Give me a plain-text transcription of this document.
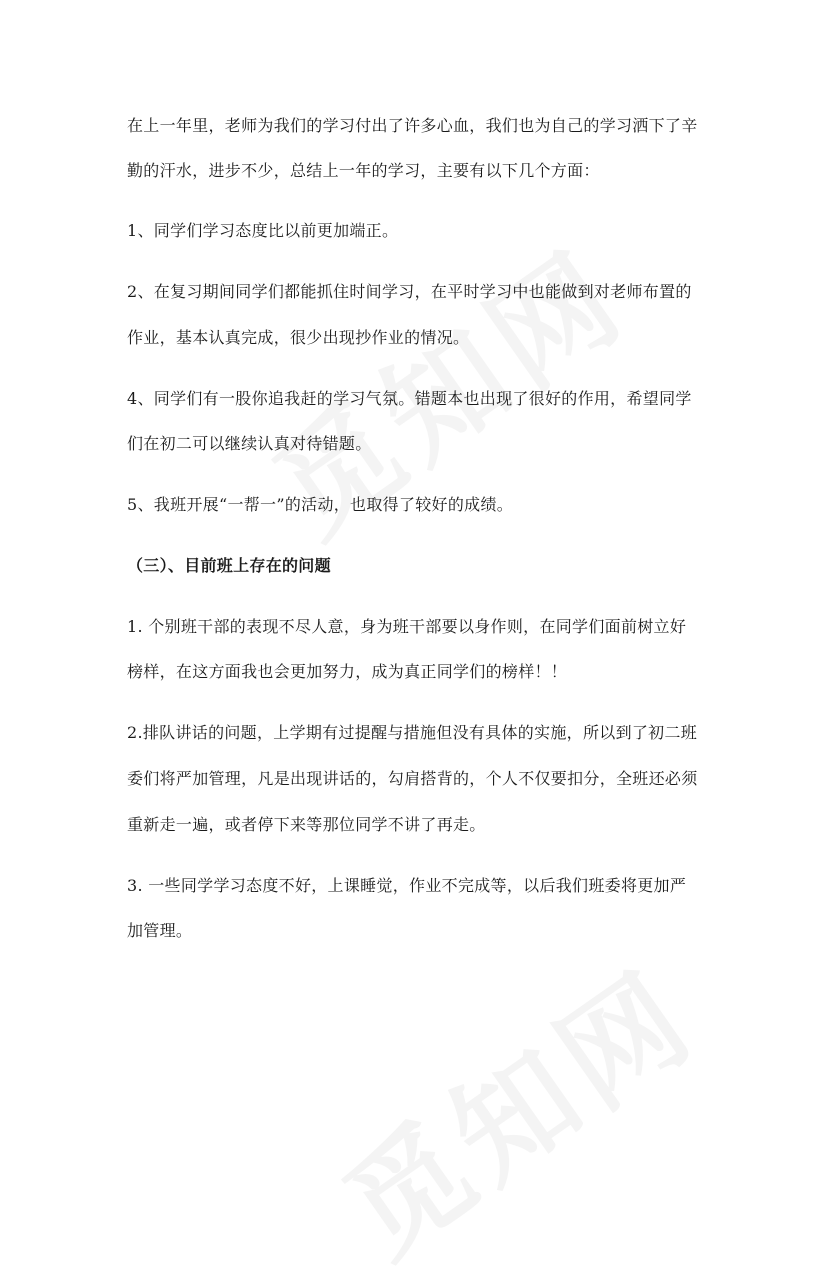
在上一年里，老师为我们的学习付出了许多心血，我们也为自己的学习洒下了辛
勤的汗水，进步不少，总结上一年的学习，主要有以下几个方面：
1、同学们学习态度比以前更加端正。
2、在复习期间同学们都能抓住时间学习，在平时学习中也能做到对老师布置的
作业，基本认真完成，很少出现抄作业的情况。
4、同学们有一股你追我赶的学习气氛。错题本也出现了很好的作用，希望同学
们在初二可以继续认真对待错题。
5、我班开展“一帮一”的活动，也取得了较好的成绩。
（三）、目前班上存在的问题
1. 个别班干部的表现不尽人意，身为班干部要以身作则，在同学们面前树立好
榜样，在这方面我也会更加努力，成为真正同学们的榜样！！
2.排队讲话的问题，上学期有过提醒与措施但没有具体的实施，所以到了初二班
委们将严加管理，凡是出现讲话的，勾肩搭背的，个人不仅要扣分，全班还必须
重新走一遍，或者停下来等那位同学不讲了再走。
3. 一些同学学习态度不好，上课睡觉，作业不完成等，以后我们班委将更加严
加管理。
